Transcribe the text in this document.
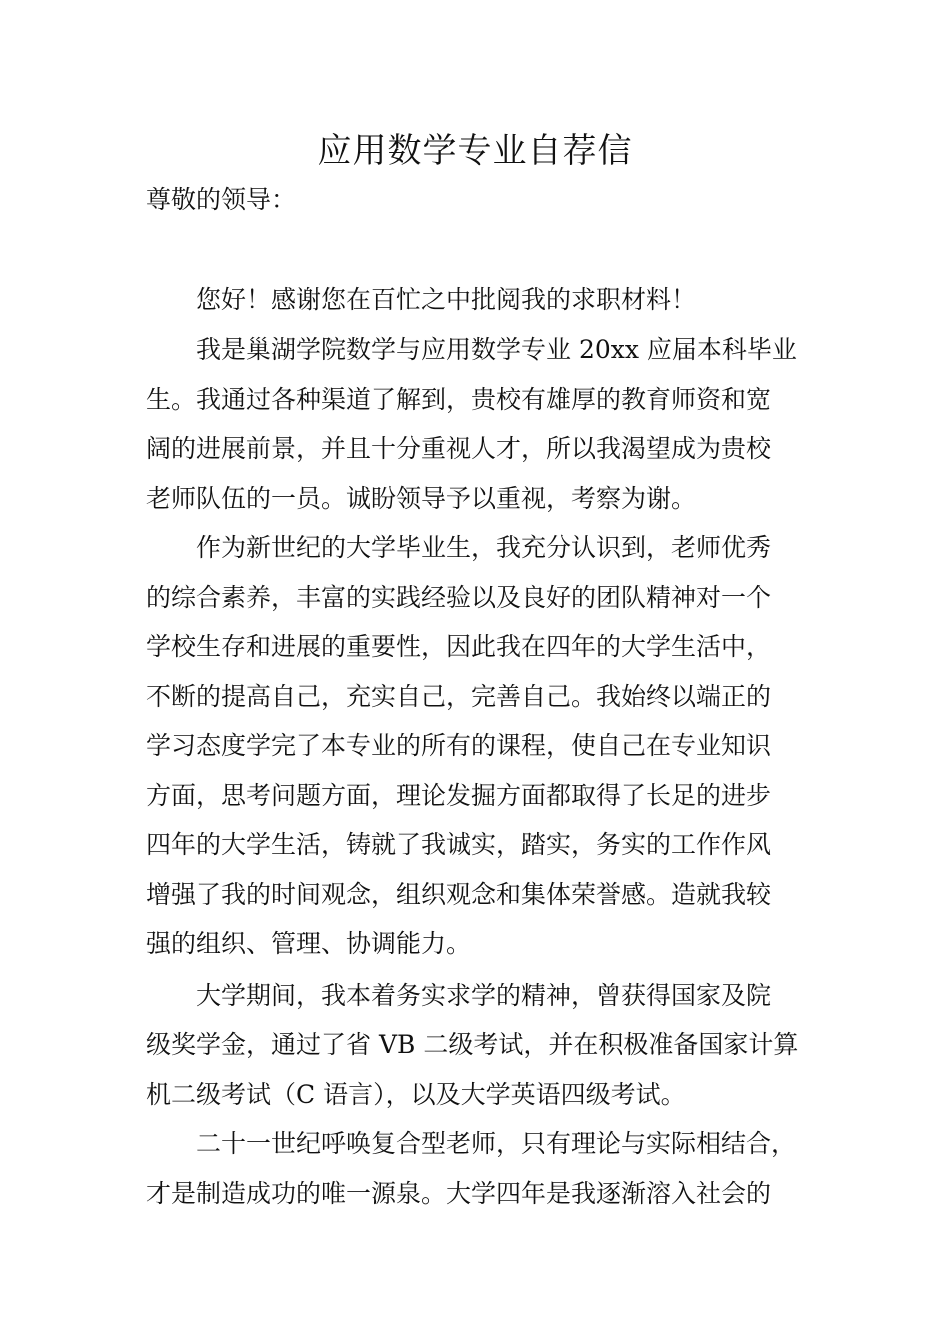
应用数学专业自荐信
尊敬的领导：
您好！感谢您在百忙之中批阅我的求职材料！
我是巢湖学院数学与应用数学专业 20xx 应届本科毕业
生。我通过各种渠道了解到，贵校有雄厚的教育师资和宽
阔的进展前景，并且十分重视人才，所以我渴望成为贵校
老师队伍的一员。诚盼领导予以重视，考察为谢。
作为新世纪的大学毕业生，我充分认识到，老师优秀
的综合素养，丰富的实践经验以及良好的团队精神对一个
学校生存和进展的重要性，因此我在四年的大学生活中，
不断的提高自己，充实自己，完善自己。我始终以端正的
学习态度学完了本专业的所有的课程，使自己在专业知识
方面，思考问题方面，理论发掘方面都取得了长足的进步
四年的大学生活，铸就了我诚实，踏实，务实的工作作风
增强了我的时间观念，组织观念和集体荣誉感。造就我较
强的组织、管理、协调能力。
大学期间，我本着务实求学的精神，曾获得国家及院
级奖学金，通过了省 VB 二级考试，并在积极准备国家计算
机二级考试（C 语言），以及大学英语四级考试。
二十一世纪呼唤复合型老师，只有理论与实际相结合，
才是制造成功的唯一源泉。大学四年是我逐渐溶入社会的
